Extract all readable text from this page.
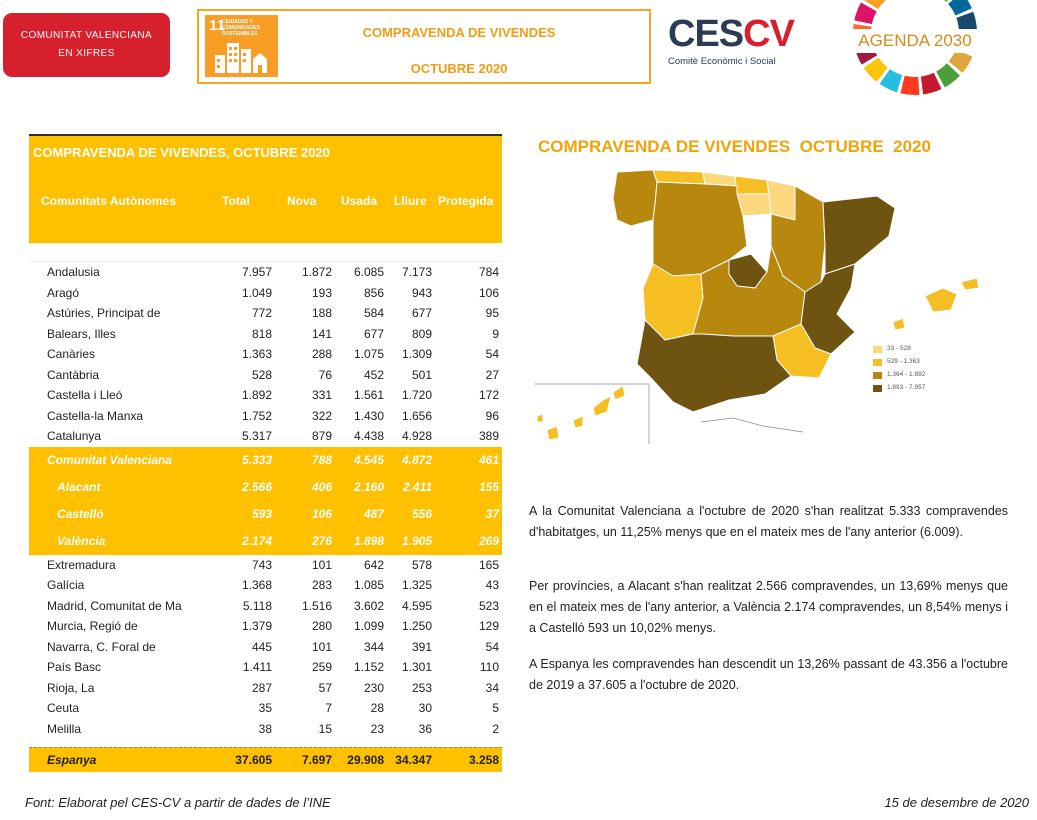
COMUNITAT VALENCIANA
EN XIFRES
11
CIUDADES Y COMUNIDADES SOSTENIBLES	COMPRAVENDA DE VIVENDES
OCTUBRE 2020
CESCV
Comitè Econòmic i Social
AGENDA 2030
COMPRAVENDA DE VIVENDES, OCTUBRE 2020
Comunitats Autònomes	Total	Nova Usada Lliure Protegida
Andalusia	7.957 1.872 6.085 7.173	784
Aragó	1.049	193	856 943	106
Astúries, Principat de	772	188	584 677	95
Balears, Illes	818	141	677 809	9
Canàries	1.363	288 1.075 1.309	54
Cantàbria	528	76	452 501	27
Castella i Lleó	1.892	331 1.561 1.720	172
Castella-la Manxa	1.752	322 1.430 1.656	96
Catalunya	5.317	879 4.438 4.928	389
Comunitat Valenciana	5.333	788 4.545 4.872	461
Alacant	2.566	406 2.160 2.411	155
Castelló	593	106	487 556	37
València	2.174	276 1.898 1.905	269
Extremadura	743	101	642 578	165
Galícia	1.368	283 1.085 1.325	43
Madrid, Comunitat de Ma	5.118 1.516 3.602 4.595	523
Murcia, Regió de	1.379	280 1.099 1.250	129
Navarra, C. Foral de	445	101	344 391	54
País Basc	1.411	259 1.152 1.301	110
Rioja, La	287	57	230 253	34
Ceuta	35	7	28	30	5
Melilla	38	15	23	36	2
Espanya	37.605 7.697 29.908 34.347	3.258
COMPRAVENDA DE VIVENDES  OCTUBRE  2020
33 - 528
529 - 1.363
1.364 - 1.892
1.893 - 7.957

A la Comunitat Valenciana a l'octubre de 2020 s'han realitzat 5.333 compravendes d'habitatges, un 11,25% menys que en el mateix mes de l'any anterior (6.009).

Per províncies, a Alacant s'han realitzat 2.566 compravendes, un 13,69% menys que en el mateix mes de l'any anterior, a València 2.174 compravendes, un 8,54% menys i a Castelló 593 un 10,02% menys.

A Espanya les compravendes han descendit un 13,26% passant de 43.356 a l'octubre de 2019 a 37.605 a l'octubre de 2020.

Font: Elaborat pel CES-CV a partir de dades de l’INE	15 de desembre de 2020
